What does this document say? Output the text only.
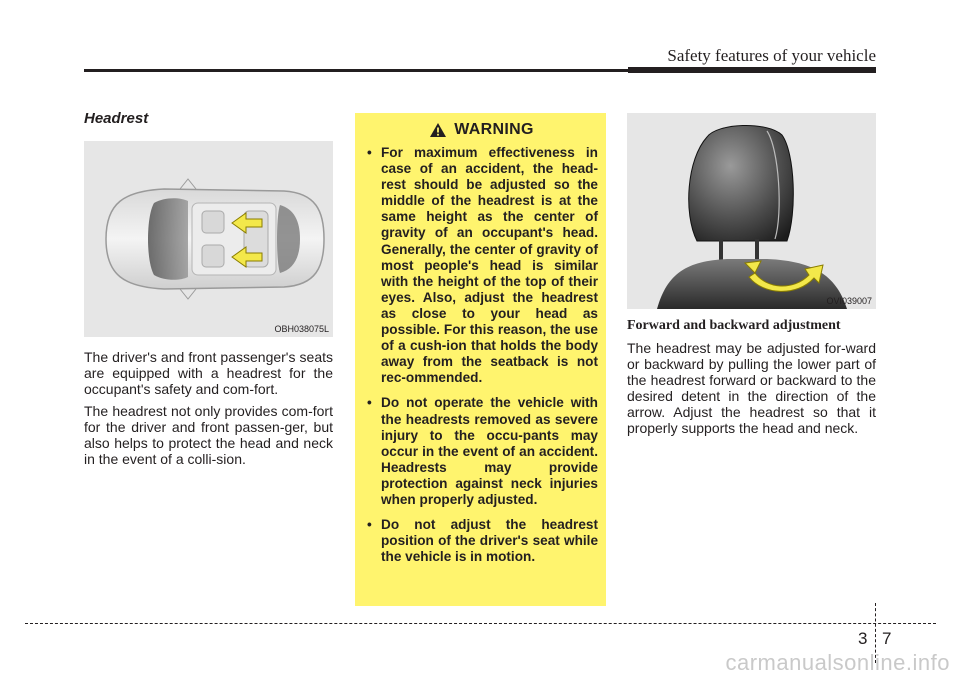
Safety features of your vehicle
Headrest
OBH038075L

The driver's and front passenger's seats are equipped with a headrest for the occupant's safety and com-fort.

The headrest not only provides com-fort for the driver and front passen-ger, but also helps to protect the head and neck in the event of a colli-sion.

WARNING
• For maximum effectiveness in case of an accident, the head-rest should be adjusted so the middle of the headrest is at the same height as the center of gravity of an occupant's head. Generally, the center of gravity of most people's head is similar with the height of the top of their eyes. Also, adjust the headrest as close to your head as possible. For this reason, the use of a cush-ion that holds the body away from the seatback is not rec-ommended.
• Do not operate the vehicle with the headrests removed as severe injury to the occu-pants may occur in the event of an accident. Headrests may provide protection against neck injuries when properly adjusted.
• Do not adjust the headrest position of the driver's seat while the vehicle is in motion.
OVI039007

Forward and backward adjustment

The headrest may be adjusted for-ward or backward by pulling the lower part of the headrest forward or backward to the desired detent in the direction of the arrow. Adjust the headrest so that it properly supports the head and neck.

3 7
carmanualsonline.info
